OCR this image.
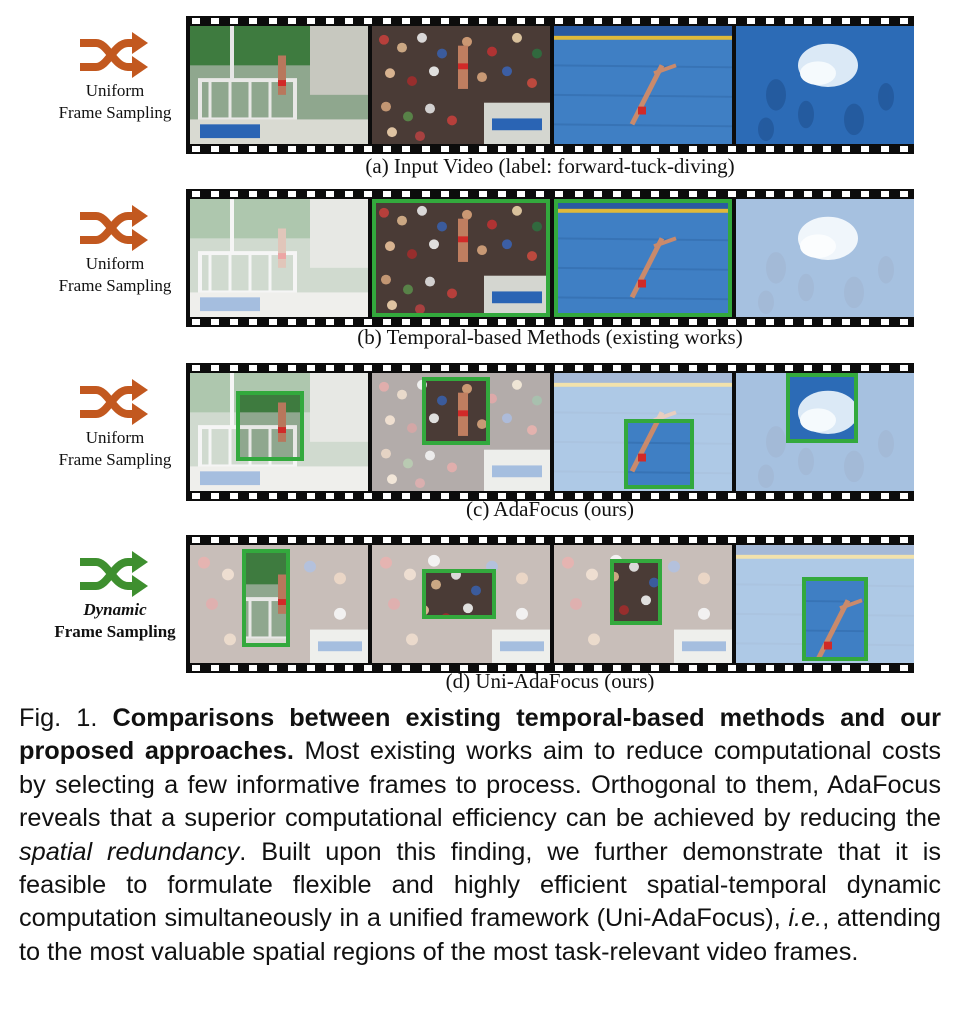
Uniform
Frame Sampling
(a) Input Video (label: forward-tuck-diving)
Uniform
Frame Sampling
(b) Temporal-based Methods (existing works)
Uniform
Frame Sampling
(c) AdaFocus (ours)
Dynamic
Frame Sampling
(d) Uni-AdaFocus (ours)
Fig. 1. Comparisons between existing temporal-based methods and our proposed approaches. Most existing works aim to reduce computational costs by selecting a few informative frames to process. Orthogonal to them, AdaFocus reveals that a superior computational efficiency can be achieved by reducing the spatial redundancy. Built upon this finding, we further demonstrate that it is feasible to formulate flexible and highly efficient spatial-temporal dynamic computation simultaneously in a unified framework (Uni-AdaFocus), i.e., attending to the most valuable spatial regions of the most task-relevant video frames.
